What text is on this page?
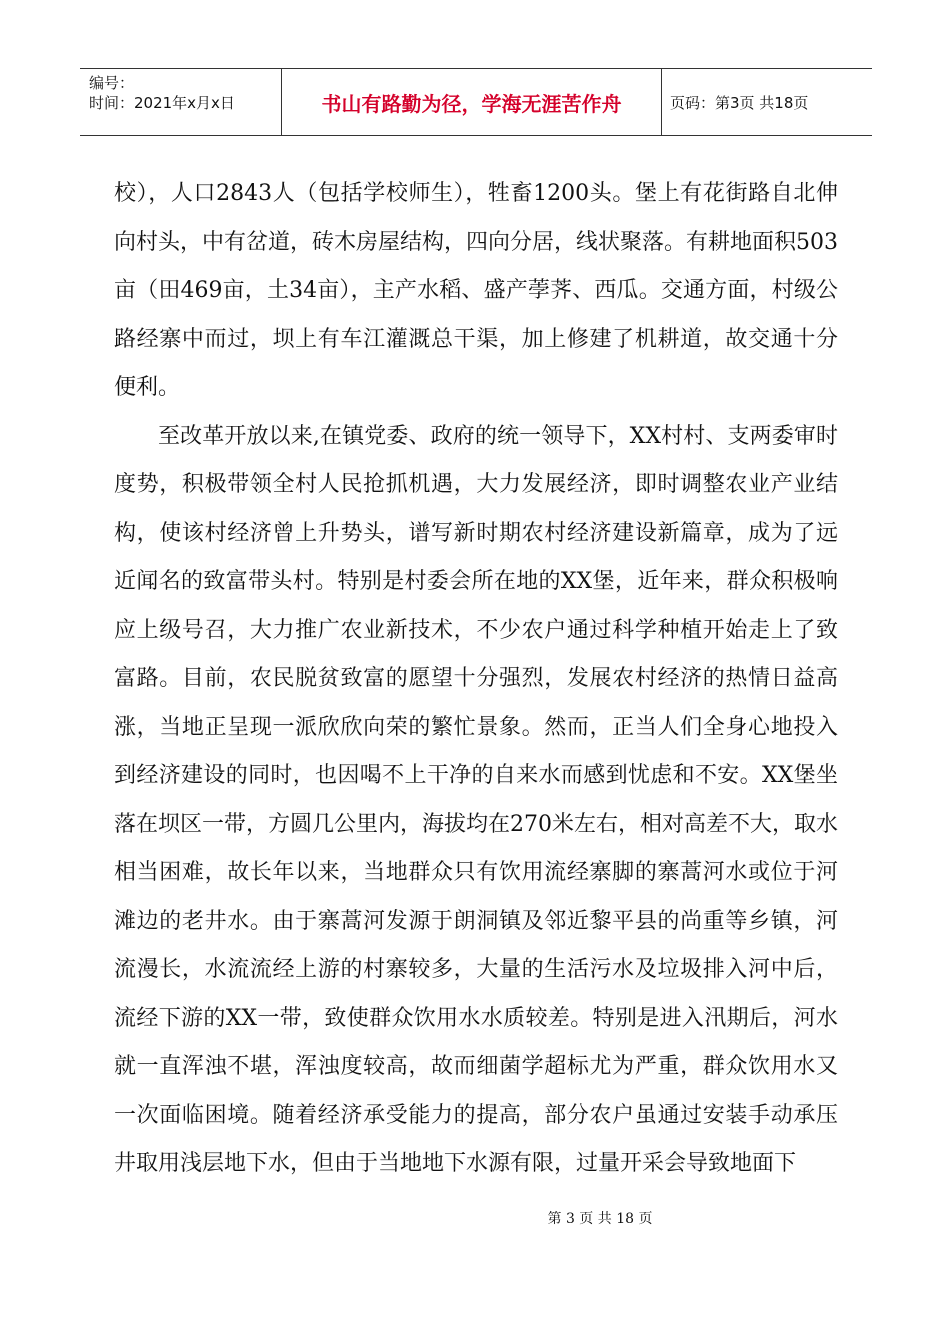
编号：
时间：2021年x月x日	书山有路勤为径，学海无涯苦作舟	页码：第3页 共18页

校），人口2843人（包括学校师生），牲畜1200头。堡上有花街路自北伸向村头，中有岔道，砖木房屋结构，四向分居，线状聚落。有耕地面积503亩（田469亩，土34亩），主产水稻、盛产荸荠、西瓜。交通方面，村级公路经寨中而过，坝上有车江灌溉总干渠，加上修建了机耕道，故交通十分便利。

至改革开放以来,在镇党委、政府的统一领导下，XX村村、支两委审时度势，积极带领全村人民抢抓机遇，大力发展经济，即时调整农业产业结构，使该村经济曾上升势头，谱写新时期农村经济建设新篇章，成为了远近闻名的致富带头村。特别是村委会所在地的XX堡，近年来，群众积极响应上级号召，大力推广农业新技术，不少农户通过科学种植开始走上了致富路。目前，农民脱贫致富的愿望十分强烈，发展农村经济的热情日益高涨，当地正呈现一派欣欣向荣的繁忙景象。然而，正当人们全身心地投入到经济建设的同时，也因喝不上干净的自来水而感到忧虑和不安。XX堡坐落在坝区一带，方圆几公里内，海拔均在270米左右，相对高差不大，取水相当困难，故长年以来，当地群众只有饮用流经寨脚的寨蒿河水或位于河滩边的老井水。由于寨蒿河发源于朗洞镇及邻近黎平县的尚重等乡镇，河流漫长，水流流经上游的村寨较多，大量的生活污水及垃圾排入河中后，流经下游的XX一带，致使群众饮用水水质较差。特别是进入汛期后，河水就一直浑浊不堪，浑浊度较高，故而细菌学超标尤为严重，群众饮用水又一次面临困境。随着经济承受能力的提高，部分农户虽通过安装手动承压井取用浅层地下水，但由于当地地下水源有限，过量开采会导致地面下

第 3 页 共 18 页
